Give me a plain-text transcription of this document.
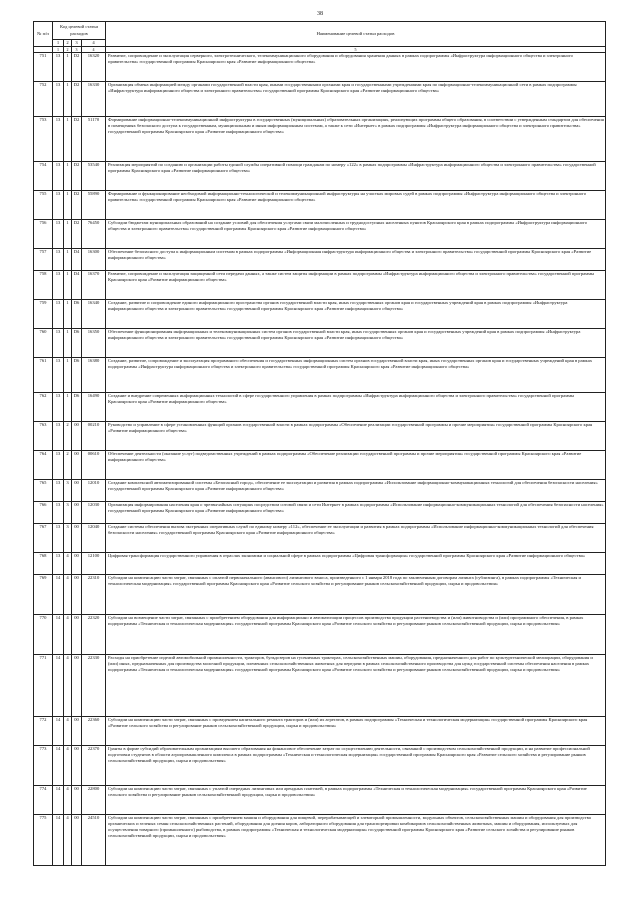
38
№ п/п	Код целевой статьи расходов				Наименование целевой статьи расходов
	1	2	3	4	
	1	2	3	4	5
751	13	1	D2	16320	Развитие, сопровождение и эксплуатация серверного, электротехнического, телекоммуникационного оборудования и оборудования хранения данных в рамках подпрограммы «Инфраструктура информационного общества и электронного правительства» государственной программы Красноярского края «Развитие информационного общества»
752	13	1	D2	16330	Организация обмена информацией между органами государственной власти края, иными государственными органами края и государственными учреждениями края по информационно-телекоммуникационной сети в рамках подпрограммы «Инфраструктура информационного общества и электронного правительства» государственной программы Красноярского края «Развитие информационного общества»
753	13	1	D2	51170	Формирование информационно-телекоммуникационной инфраструктуры в государственных (муниципальных) образовательных организациях, реализующих программы общего образования, в соответствии с утвержденным стандартом для обеспечения в помещениях безопасного доступа к государственным, муниципальным и иным информационным системам, а также к сети «Интернет» в рамках подпрограммы «Инфраструктура информационного общества и электронного правительства» государственной программы Красноярского края «Развитие информационного общества»
754	13	1	D2	53540	Реализация мероприятий по созданию и организации работы единой службы оперативной помощи гражданам по номеру «122» в рамках подпрограммы «Инфраструктура информационного общества и электронного правительства» государственной программы Красноярского края «Развитие информационного общества»
755	13	1	D2	55890	Формирование и функционирование необходимой информационно-технологической и телекоммуникационной инфраструктуры на участках мировых судей в рамках подпрограммы «Инфраструктура информационного общества и электронного правительства» государственной программы Красноярского края «Развитие информационного общества»
756	13	1	D2	76450	Субсидии бюджетам муниципальных образований на создание условий для обеспечения услугами связи малочисленных и труднодоступных населенных пунктов Красноярского края в рамках подпрограммы «Инфраструктура информационного общества и электронного правительства» государственной программы Красноярского края «Развитие информационного общества»
757	13	1	D4	16300	Обеспечение безопасного доступа к информационным системам в рамках подпрограммы «Информационная инфраструктура информационного общества и электронного правительства» государственной программы Красноярского края «Развитие информационного общества»
758	13	1	D4	16370	Развитие, сопровождение и эксплуатация защищенной сети передачи данных, а также систем защиты информации в рамках подпрограммы «Инфраструктура информационного общества и электронного правительства» государственной программы Красноярского края «Развитие информационного общества»
759	13	1	D6	16340	Создание, развитие и сопровождение единого информационного пространства органов государственной власти края, иных государственных органов края и государственных учреждений края в рамках подпрограммы «Инфраструктура информационного общества и электронного правительства» государственной программы Красноярского края «Развитие информационного общества»
760	13	1	D6	16350	Обеспечение функционирования информационных и телекоммуникационных систем органов государственной власти края, иных государственных органов края и государственных учреждений края в рамках подпрограммы «Инфраструктура информационного общества и электронного правительства» государственной программы Красноярского края «Развитие информационного общества»
761	13	1	D6	16380	Создание, развитие, сопровождение и эксплуатация программного обеспечения и государственных информационных систем органов государственной власти края, иных государственных органов края и государственных учреждений края в рамках подпрограммы «Инфраструктура информационного общества и электронного правительства» государственной программы Красноярского края «Развитие информационного общества»
762	13	1	D6	16490	Создание и внедрение современных информационных технологий в сфере государственного управления в рамках подпрограммы «Инфраструктура информационного общества и электронного правительства» государственной программы Красноярского края «Развитие информационного общества»
763	13	2	00	00210	Руководство и управление в сфере установленных функций органов государственной власти в рамках подпрограммы «Обеспечение реализации государственной программы и прочие мероприятия» государственной программы Красноярского края «Развитие информационного общества»
764	13	2	00	00610	Обеспечение деятельности (оказание услуг) подведомственных учреждений в рамках подпрограммы «Обеспечение реализации государственной программы и прочие мероприятия» государственной программы Красноярского края «Развитие информационного общества»
765	13	3	00	12010	Создание комплексной автоматизированной системы «Безопасный город», обеспечение ее эксплуатации и развития в рамках подпрограммы «Использование информационно-коммуникационных технологий для обеспечения безопасности населения» государственной программы Красноярского края «Развитие информационного общества»
766	13	3	00	12030	Организация информирования населения края о чрезвычайных ситуациях посредством сотовой связи и сети Интернет в рамках подпрограммы «Использование информационно-коммуникационных технологий для обеспечения безопасности населения» государственной программы Красноярского края «Развитие информационного общества»
767	13	3	00	12040	Создание системы обеспечения вызова экстренных оперативных служб по единому номеру «112», обеспечение ее эксплуатации и развития в рамках подпрограммы «Использование информационно-коммуникационных технологий для обеспечения безопасности населения» государственной программы Красноярского края «Развитие информационного общества»
768	13	4	00	12100	Цифровая трансформация государственного управления в отраслях экономики и социальной сфере в рамках подпрограммы «Цифровая трансформация» государственной программы Красноярского края «Развитие информационного общества»
769	14	4	00	22310	Субсидии на компенсацию части затрат, связанных с оплатой первоначального (авансового) лизингового взноса, произведенного с 1 января 2018 года по заключенным договорам лизинга (сублизинга), в рамках подпрограммы «Техническая и технологическая модернизация» государственной программы Красноярского края «Развитие сельского хозяйства и регулирование рынков сельскохозяйственной продукции, сырья и продовольствия»
770	14	4	00	22320	Субсидии на возмещение части затрат, связанных с приобретением оборудования для информационно и автоматизации процессов производства продукции растениеводства и (или) животноводства и (или) программного обеспечения, в рамках подпрограммы «Техническая и технологическая модернизация» государственной программы Красноярского края «Развитие сельского хозяйства и регулирование рынков сельскохозяйственной продукции, сырья и продовольствия»
771	14	4	00	22330	Расходы на приобретение изделий автомобильной промышленности, тракторов, бульдозеров на гусеничных тракторах, сельскохозяйственных машин, оборудования, предназначенного для работ по культуртехнической мелиорации, оборудования и (или) иных, предназначенных для производства молочной продукции, племенных сельскохозяйственных животных для передачи в рамках сельскохозяйственного производства для нужд государственной системы обеспечения населения в рамках подпрограммы «Техническая и технологическая модернизация» государственной программы Красноярского края «Развитие сельского хозяйства и регулирование рынков сельскохозяйственной продукции, сырья и продовольствия»
772	14	4	00	22360	Субсидии на компенсацию части затрат, связанных с проведением капитального ремонта тракторов и (или) их агрегатов, в рамках подпрограммы «Техническая и технологическая модернизация» государственной программы Красноярского края «Развитие сельского хозяйства и регулирование рынков сельскохозяйственной продукции, сырья и продовольствия»
773	14	4	00	22370	Гранты в форме субсидий образовательным организациям высшего образования на финансовое обеспечение затрат по осуществлению деятельности, связанной с производством сельскохозяйственной продукции, и на развитие профессиональной подготовки студентов в области агропромышленного комплекса в рамках подпрограммы «Техническая и технологическая модернизация» государственной программы Красноярского края «Развитие сельского хозяйства и регулирование рынков сельскохозяйственной продукции, сырья и продовольствия»
774	14	4	00	22800	Субсидии на компенсацию части затрат, связанных с уплатой очередных лизинговых или арендных платежей, в рамках подпрограммы «Техническая и технологическая модернизация» государственной программы Красноярского края «Развитие сельского хозяйства и регулирование рынков сельскохозяйственной продукции, сырья и продовольствия»
775	14	4	00	24510	Субсидии на компенсацию части затрат, связанных с приобретением машин и оборудования для пищевой, перерабатывающей и элеваторной промышленности, модульных объектов, сельскохозяйственных машин и оборудования для производства органических и зеленых семян сельскохозяйственных растений, оборудования для доения коров, лабораторного оборудования для транспортировки комбикормов сельскохозяйственных животных, машин и оборудования, используемых для осуществления товарного (промышленного) рыбоводства, в рамках подпрограммы «Техническая и технологическая модернизация» государственной программы Красноярского края «Развитие сельского хозяйства и регулирование рынков сельскохозяйственной продукции, сырья и продовольствия»
